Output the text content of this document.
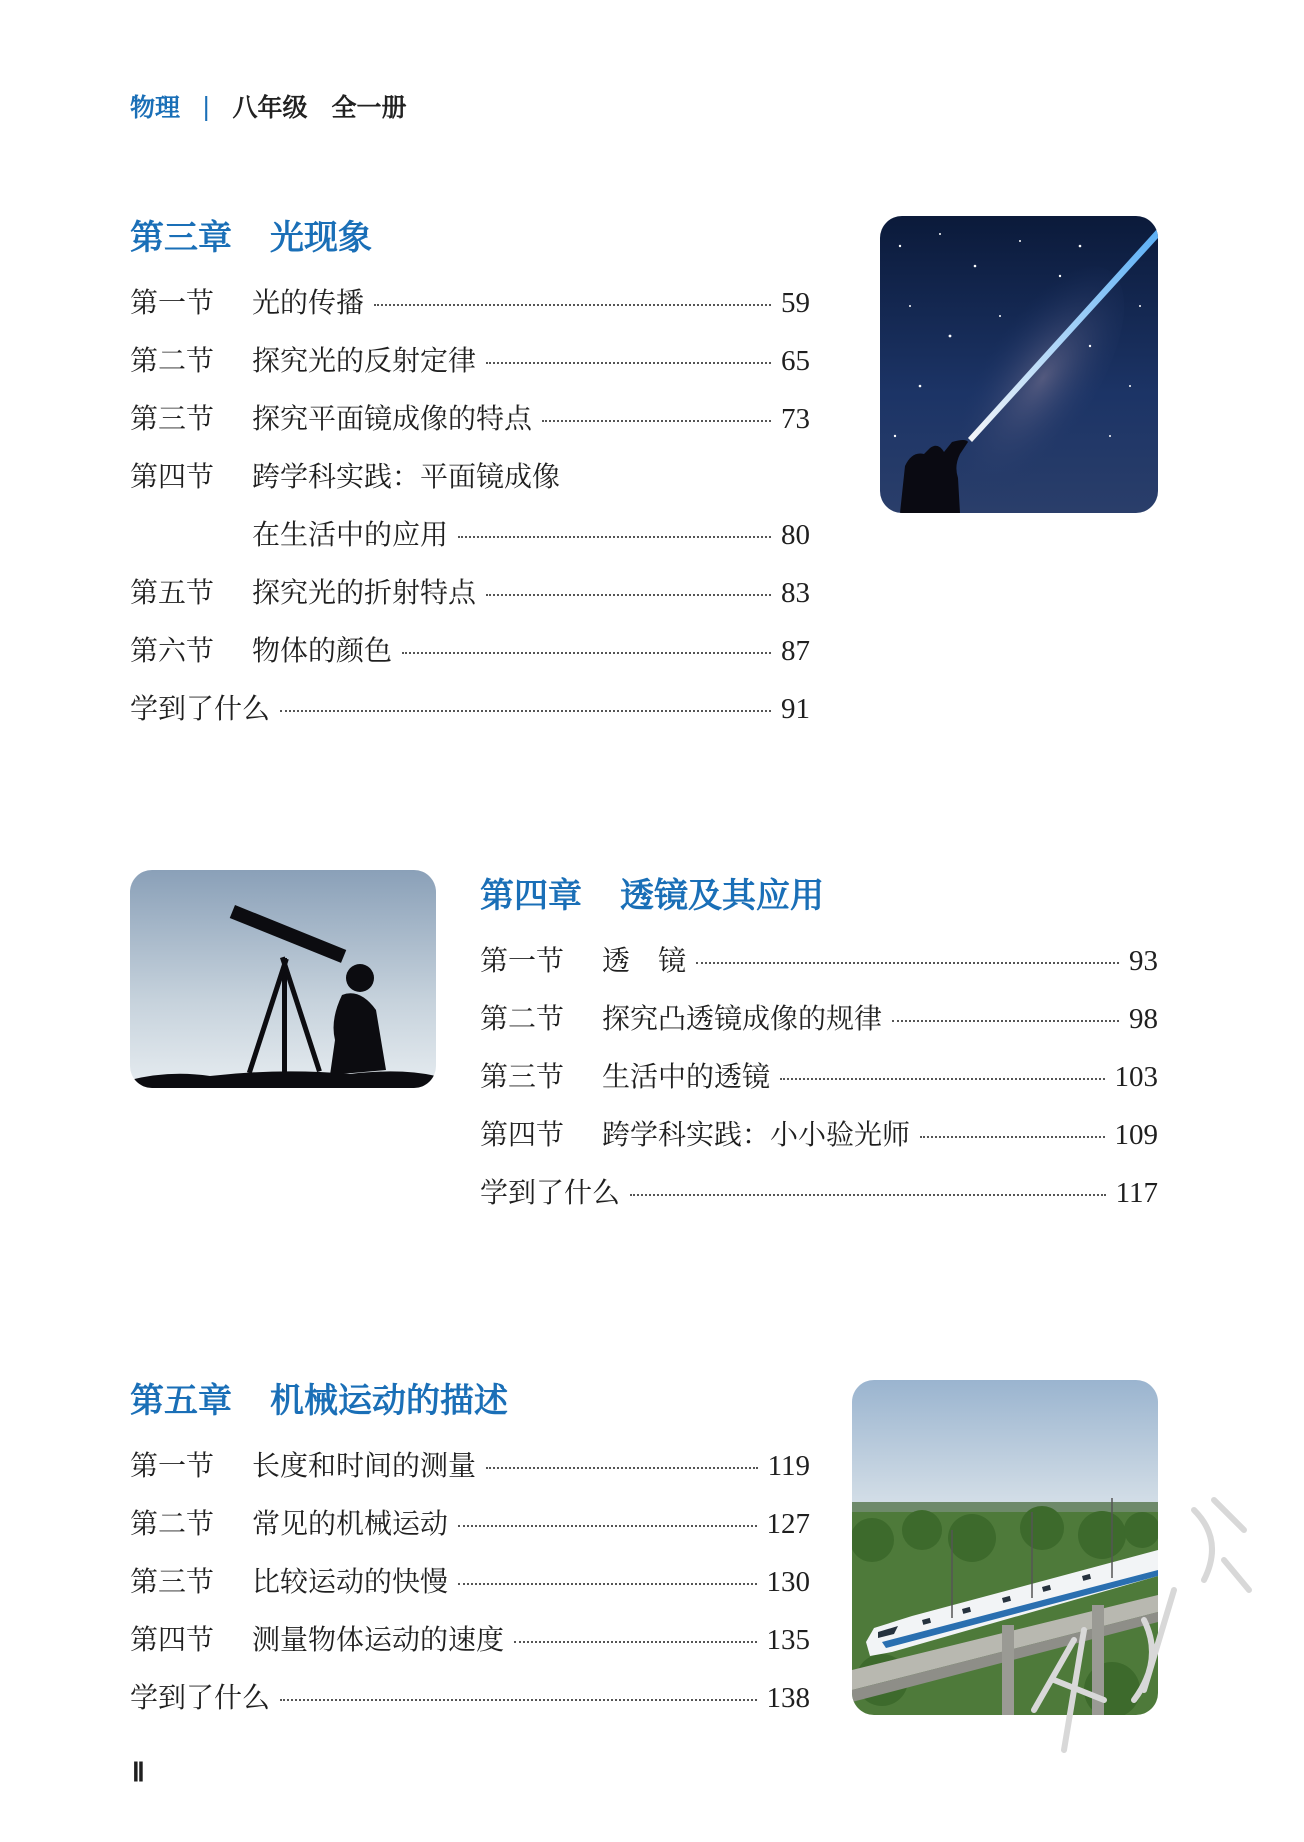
物理 | 八年级 全一册
第三章	光现象
第一节	光的传播	59
第二节	探究光的反射定律	65
第三节	探究平面镜成像的特点	73
第四节	跨学科实践：平面镜成像
在生活中的应用	80
第五节	探究光的折射特点	83
第六节	物体的颜色	87
学到了什么	91
第四章	透镜及其应用
第一节	透　镜	93
第二节	探究凸透镜成像的规律	98
第三节	生活中的透镜	103
第四节	跨学科实践：小小验光师	109
学到了什么	117
第五章	机械运动的描述
第一节	长度和时间的测量	119
第二节	常见的机械运动	127
第三节	比较运动的快慢	130
第四节	测量物体运动的速度	135
学到了什么	138
Ⅱ
